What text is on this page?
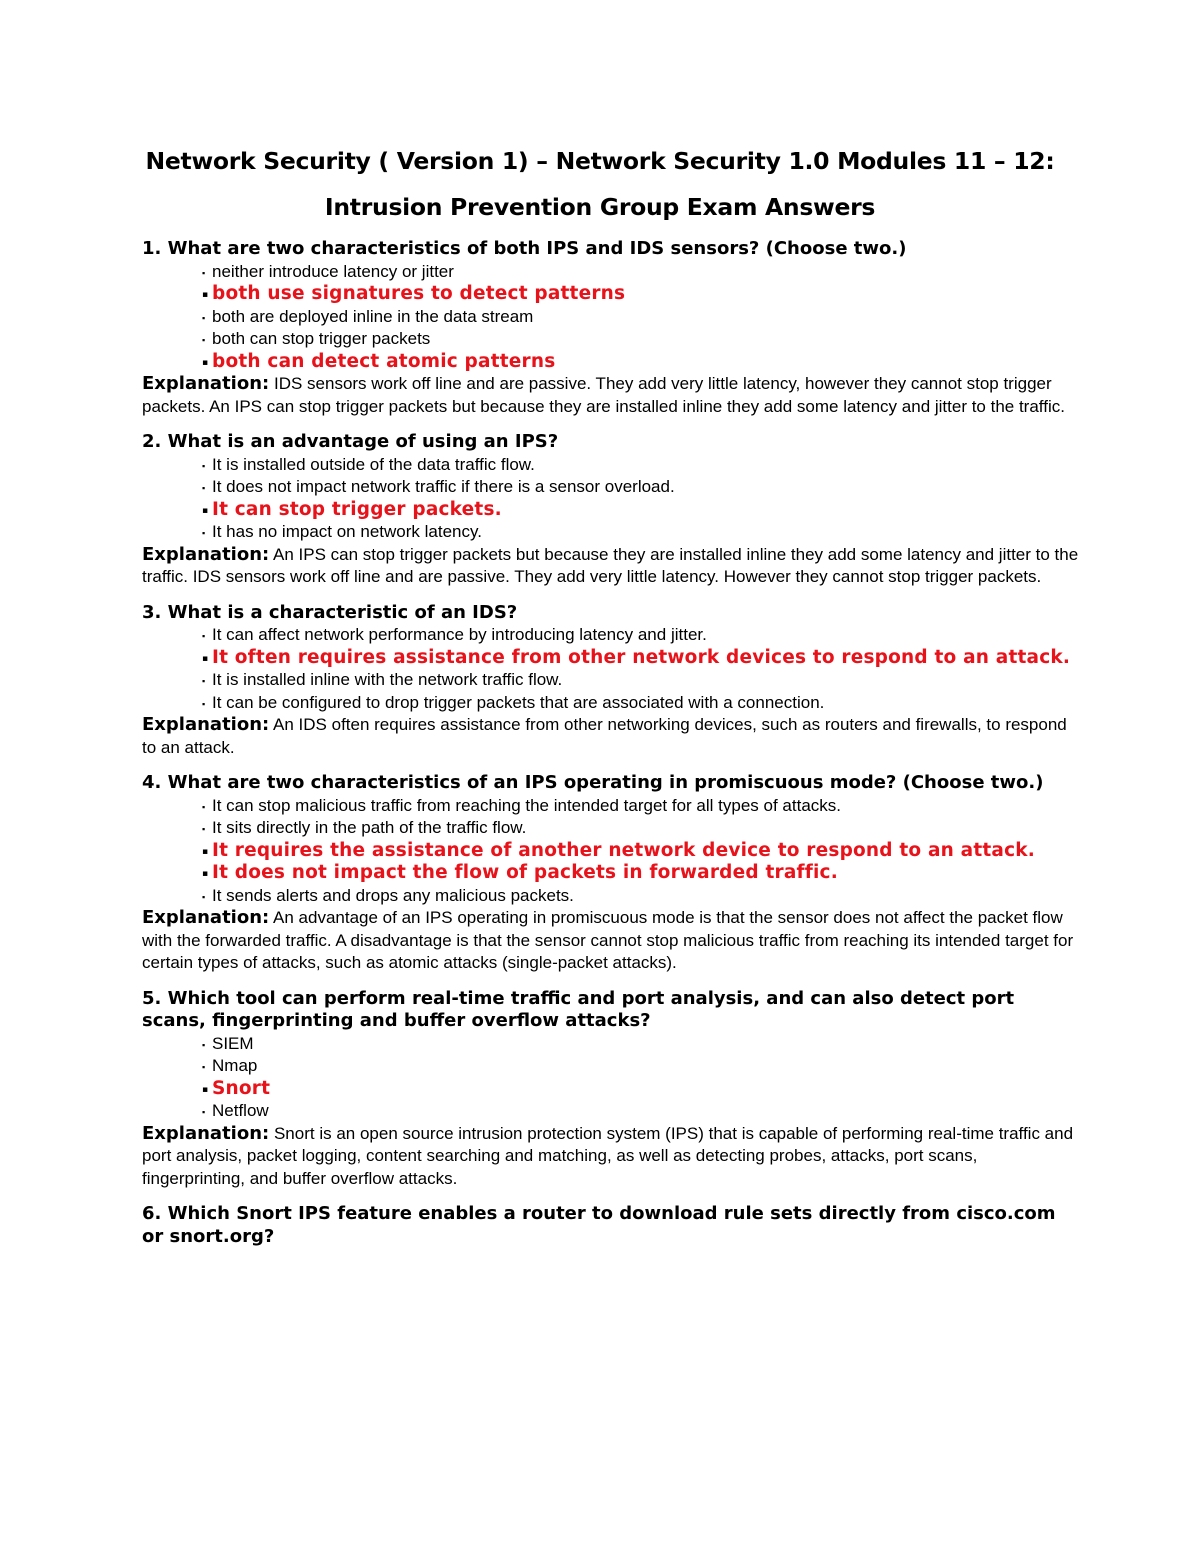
Network Security ( Version 1) – Network Security 1.0 Modules 11 – 12:
Intrusion Prevention Group Exam Answers

1. What are two characteristics of both IPS and IDS sensors? (Choose two.)

▪ neither introduce latency or jitter
▪ both use signatures to detect patterns
▪ both are deployed inline in the data stream
▪ both can stop trigger packets
▪ both can detect atomic patterns

Explanation: IDS sensors work off line and are passive. They add very little latency, however they cannot stop trigger packets. An IPS can stop trigger packets but because they are installed inline they add some latency and jitter to the traffic.

2. What is an advantage of using an IPS?

▪ It is installed outside of the data traffic flow.
▪ It does not impact network traffic if there is a sensor overload.
▪ It can stop trigger packets.
▪ It has no impact on network latency.

Explanation: An IPS can stop trigger packets but because they are installed inline they add some latency and jitter to the traffic. IDS sensors work off line and are passive. They add very little latency. However they cannot stop trigger packets.

3. What is a characteristic of an IDS?

▪ It can affect network performance by introducing latency and jitter.
▪ It often requires assistance from other network devices to respond to an attack.
▪ It is installed inline with the network traffic flow.
▪ It can be configured to drop trigger packets that are associated with a connection.

Explanation: An IDS often requires assistance from other networking devices, such as routers and firewalls, to respond to an attack.

4. What are two characteristics of an IPS operating in promiscuous mode? (Choose two.)

▪ It can stop malicious traffic from reaching the intended target for all types of attacks.
▪ It sits directly in the path of the traffic flow.
▪ It requires the assistance of another network device to respond to an attack.
▪ It does not impact the flow of packets in forwarded traffic.
▪ It sends alerts and drops any malicious packets.

Explanation: An advantage of an IPS operating in promiscuous mode is that the sensor does not affect the packet flow with the forwarded traffic. A disadvantage is that the sensor cannot stop malicious traffic from reaching its intended target for certain types of attacks, such as atomic attacks (single-packet attacks).

5. Which tool can perform real-time traffic and port analysis, and can also detect port scans, fingerprinting and buffer overflow attacks?

▪ SIEM
▪ Nmap
▪ Snort
▪ Netflow

Explanation: Snort is an open source intrusion protection system (IPS) that is capable of performing real-time traffic and port analysis, packet logging, content searching and matching, as well as detecting probes, attacks, port scans, fingerprinting, and buffer overflow attacks.

6. Which Snort IPS feature enables a router to download rule sets directly from cisco.com or snort.org?
